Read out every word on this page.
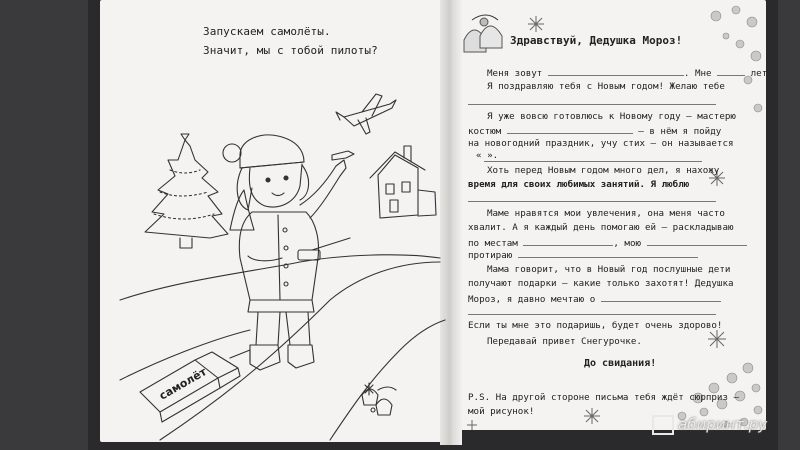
Запускаем самолёты.
Значит, мы с тобой пилоты?
самолёт
Здравствуй, Дедушка Мороз!
Меня зовут	. Мне	лет.
Я поздравляю тебя с Новым годом! Желаю тебе
Я уже вовсю готовлюсь к Новому году – мастерю
костюм	– в нём я пойду
на новогодний праздник, учу стих – он называется
« ».
Хоть перед Новым годом много дел, я нахожу
время для своих любимых занятий. Я люблю
Маме нравятся мои увлечения, она меня часто
хвалит. А я каждый день помогаю ей – раскладываю
по местам	, мою
протираю
Мама говорит, что в Новый год послушные дети
получают подарки – какие только захотят! Дедушка
Мороз, я давно мечтаю о
Если ты мне это подаришь, будет очень здорово!
Передавай привет Снегурочке.
До свидания!
P.S. На другой стороне письма тебя ждёт сюрприз –
мой рисунок!
абиринт.ру
